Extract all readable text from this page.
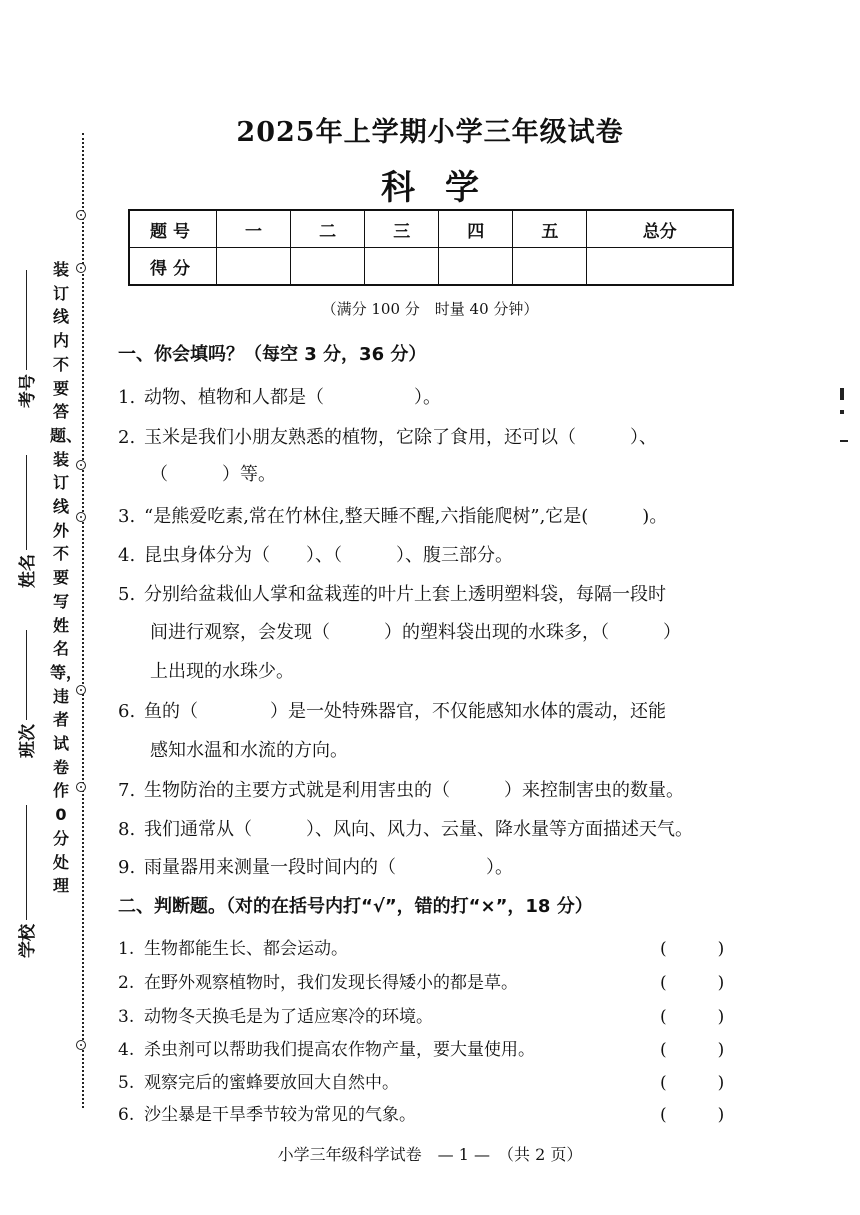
装订线内不要答题、装订线外不要写姓名等，违者试卷作0分处理
考号
姓名
班次
学校
2025年上学期小学三年级试卷
科学
题号	一	二	三	四	五	总分
得分						
（满分 100 分　时量 40 分钟）
一、你会填吗？（每空 3 分，36 分）
1. 动物、植物和人都是（　　　　　）。
2. 玉米是我们小朋友熟悉的植物，它除了食用，还可以（　　　）、
（　　　）等。
3. “是熊爱吃素,常在竹林住,整天睡不醒,六指能爬树”,它是(　　　)。
4. 昆虫身体分为（　　）、（　　　）、腹三部分。
5. 分别给盆栽仙人掌和盆栽莲的叶片上套上透明塑料袋，每隔一段时
间进行观察，会发现（　　　）的塑料袋出现的水珠多，（　　　）
上出现的水珠少。
6. 鱼的（　　　　）是一处特殊器官，不仅能感知水体的震动，还能
感知水温和水流的方向。
7. 生物防治的主要方式就是利用害虫的（　　　）来控制害虫的数量。
8. 我们通常从（　　　）、风向、风力、云量、降水量等方面描述天气。
9. 雨量器用来测量一段时间内的（　　　　　）。
二、判断题。（对的在括号内打“√”，错的打“×”，18 分）
1. 生物都能生长、都会运动。	(　　　)
2. 在野外观察植物时，我们发现长得矮小的都是草。	(　　　)
3. 动物冬天换毛是为了适应寒冷的环境。	(　　　)
4. 杀虫剂可以帮助我们提高农作物产量，要大量使用。	(　　　)
5. 观察完后的蜜蜂要放回大自然中。	(　　　)
6. 沙尘暴是干旱季节较为常见的气象。	(　　　)
小学三年级科学试卷　— 1 —　（共 2 页）
